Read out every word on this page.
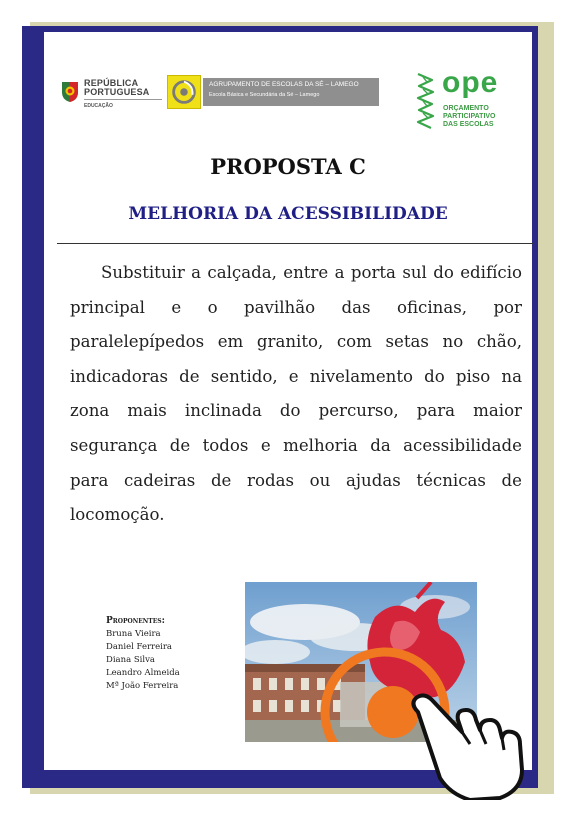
REPÚBLICA
PORTUGUESA
EDUCAÇÃO
AGRUPAMENTO DE ESCOLAS DA SÉ – LAMEGO
Escola Básica e Secundária da Sé – Lamego	ope
ORÇAMENTO
PARTICIPATIVO
DAS ESCOLAS
PROPOSTA C
MELHORIA DA ACESSIBILIDADE

Substituir a calçada, entre a porta sul do edifício principal e o pavilhão das oficinas, por paralelepípedos em granito, com setas no chão, indicadoras de sentido, e nivelamento do piso na zona mais inclinada do percurso, para maior segurança de todos e melhoria da acessibilidade para cadeiras de rodas ou ajudas técnicas de locomoção.

Proponentes:
Bruna Vieira
Daniel Ferreira
Diana Silva
Leandro Almeida
Mª João Ferreira
